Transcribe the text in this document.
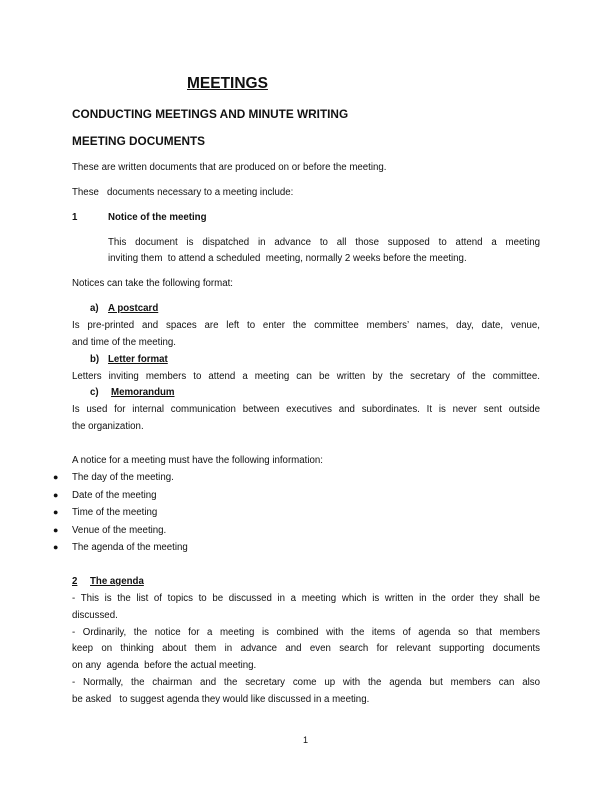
MEETINGS
CONDUCTING MEETINGS AND MINUTE WRITING
MEETING DOCUMENTS
These are written documents that are produced on or before the meeting.
These   documents necessary to a meeting include:
1	Notice of the meeting
This document is dispatched in advance to all those supposed to attend a meeting
inviting them  to attend a scheduled  meeting, normally 2 weeks before the meeting.
Notices can take the following format:
a) A postcard
Is pre-printed and spaces are left to enter the committee members’ names, day, date, venue,
and time of the meeting.
b) Letter format
Letters inviting members to attend a meeting can be written by the secretary of the committee.
c) Memorandum
Is used for internal communication between executives and subordinates. It is never sent outside
the organization.
A notice for a meeting must have the following information:
● The day of the meeting.
● Date of the meeting
● Time of the meeting
● Venue of the meeting.
● The agenda of the meeting
2 The agenda
- This is the list of topics to be discussed in a meeting which is written in the order they shall be
discussed.
- Ordinarily, the notice for a meeting is combined with the items of agenda so that members
keep on thinking about them in advance and even search for relevant supporting documents
on any  agenda  before the actual meeting.
- Normally, the chairman and the secretary come up with the agenda but members can also
be asked   to suggest agenda they would like discussed in a meeting.
1
